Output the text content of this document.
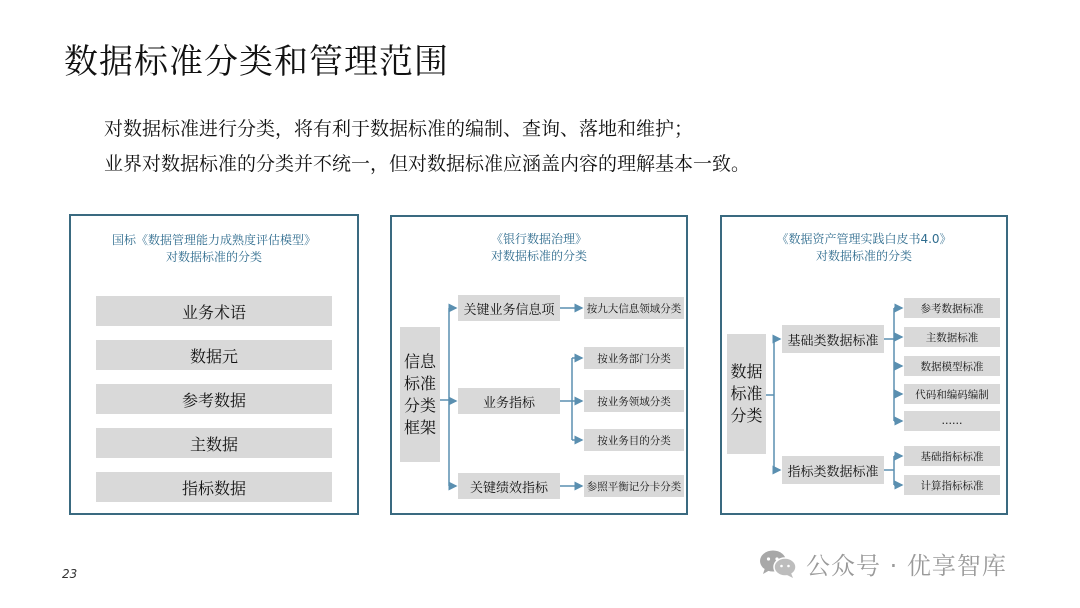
数据标准分类和管理范围
对数据标准进行分类，将有利于数据标准的编制、查询、落地和维护；
业界对数据标准的分类并不统一，但对数据标准应涵盖内容的理解基本一致。
国标《数据管理能力成熟度评估模型》
对数据标准的分类
业务术语
数据元
参考数据
主数据
指标数据
《银行数据治理》
对数据标准的分类
信息标准分类框架
关键业务信息项
业务指标
关键绩效指标
按九大信息领域分类
按业务部门分类
按业务领域分类
按业务目的分类
参照平衡记分卡分类
《数据资产管理实践白皮书4.0》
对数据标准的分类
数据标准分类
基础类数据标准
指标类数据标准
参考数据标准
主数据标准
数据模型标准
代码和编码编制
……
基础指标标准
计算指标标准
23	公众号 · 优享智库
